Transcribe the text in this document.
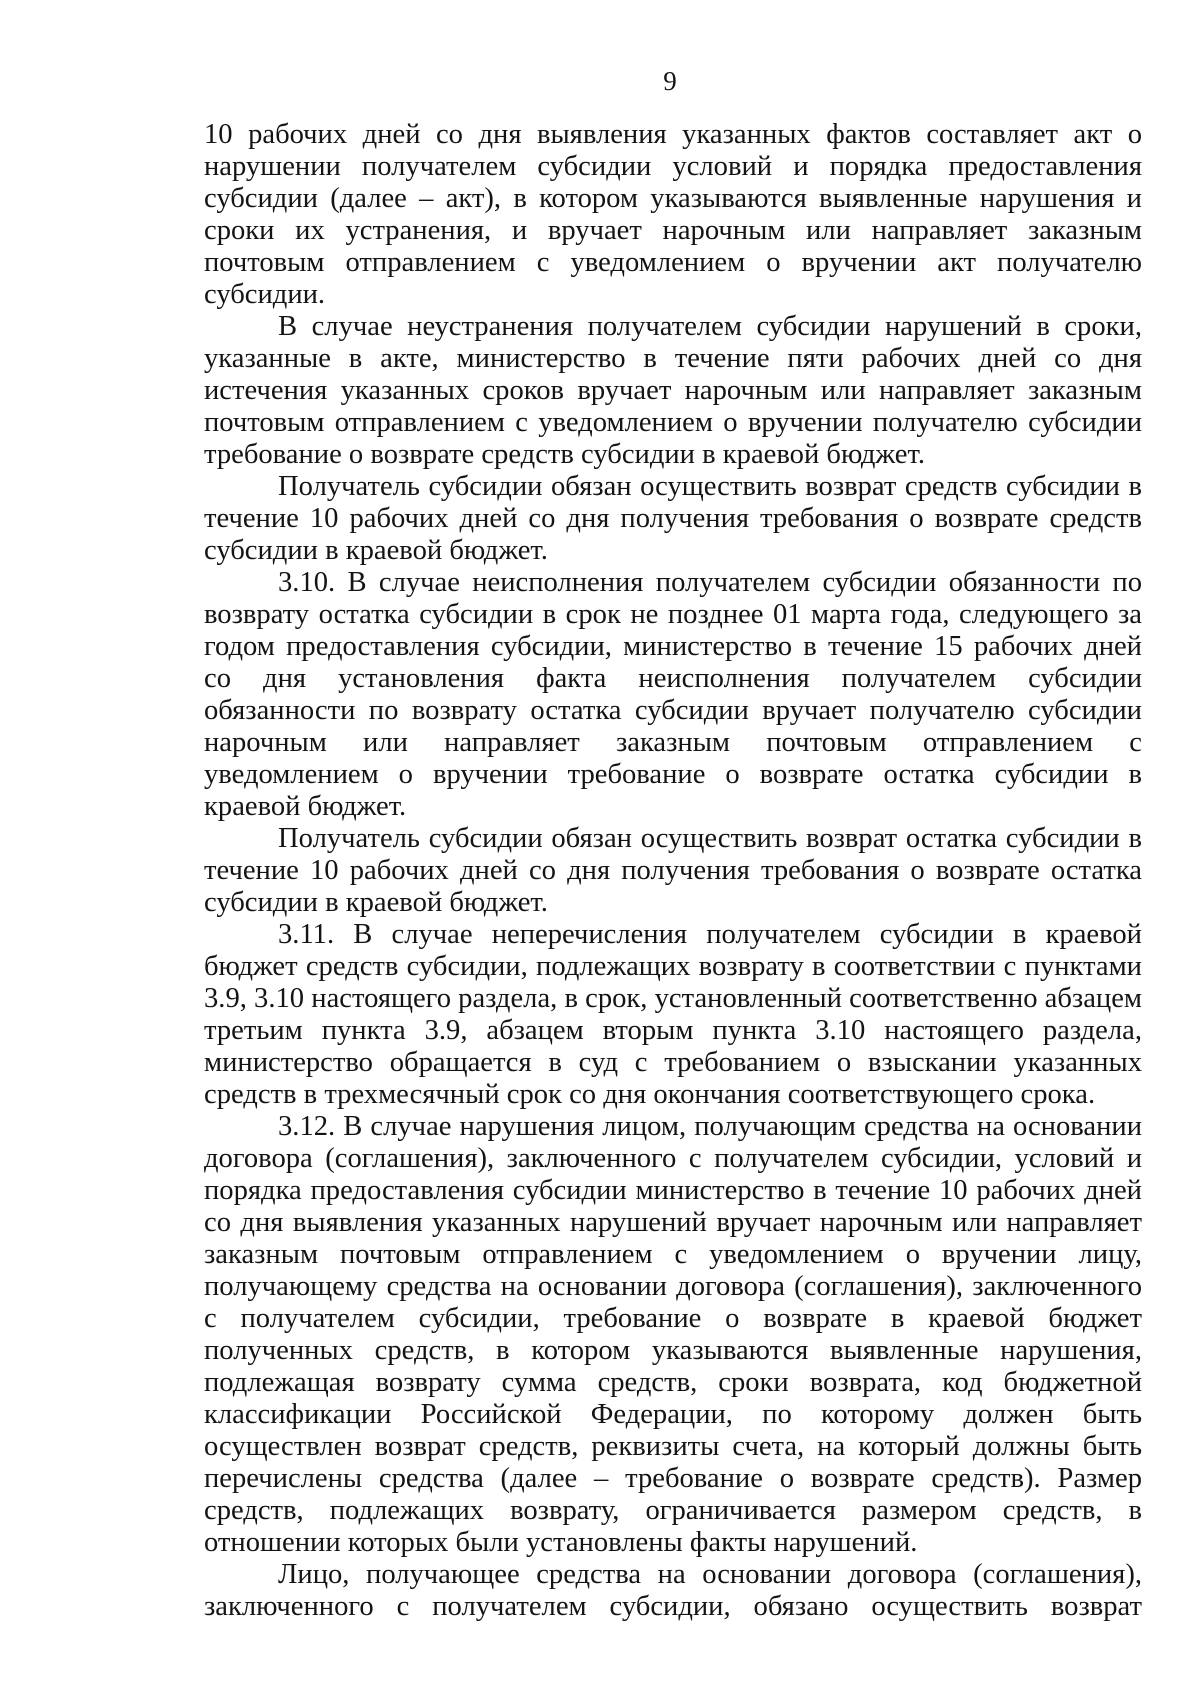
9

10 рабочих дней со дня выявления указанных фактов составляет акт о нарушении получателем субсидии условий и порядка предоставления субсидии (далее – акт), в котором указываются выявленные нарушения и сроки их устранения, и вручает нарочным или направляет заказным почтовым отправлением с уведомлением о вручении акт получателю субсидии.

В случае неустранения получателем субсидии нарушений в сроки, указанные в акте, министерство в течение пяти рабочих дней со дня истечения указанных сроков вручает нарочным или направляет заказным почтовым отправлением с уведомлением о вручении получателю субсидии требование о возврате средств субсидии в краевой бюджет.

Получатель субсидии обязан осуществить возврат средств субсидии в течение 10 рабочих дней со дня получения требования о возврате средств субсидии в краевой бюджет.

3.10. В случае неисполнения получателем субсидии обязанности по возврату остатка субсидии в срок не позднее 01 марта года, следующего за годом предоставления субсидии, министерство в течение 15 рабочих дней со дня установления факта неисполнения получателем субсидии обязанности по возврату остатка субсидии вручает получателю субсидии нарочным или направляет заказным почтовым отправлением с уведомлением о вручении требование о возврате остатка субсидии в краевой бюджет.

Получатель субсидии обязан осуществить возврат остатка субсидии в течение 10 рабочих дней со дня получения требования о возврате остатка субсидии в краевой бюджет.

3.11. В случае неперечисления получателем субсидии в краевой бюджет средств субсидии, подлежащих возврату в соответствии с пунктами 3.9, 3.10 настоящего раздела, в срок, установленный соответственно абзацем третьим пункта 3.9, абзацем вторым пункта 3.10 настоящего раздела, министерство обращается в суд с требованием о взыскании указанных средств в трехмесячный срок со дня окончания соответствующего срока.

3.12. В случае нарушения лицом, получающим средства на основании договора (соглашения), заключенного с получателем субсидии, условий и порядка предоставления субсидии министерство в течение 10 рабочих дней со дня выявления указанных нарушений вручает нарочным или направляет заказным почтовым отправлением с уведомлением о вручении лицу, получающему средства на основании договора (соглашения), заключенного с получателем субсидии, требование о возврате в краевой бюджет полученных средств, в котором указываются выявленные нарушения, подлежащая возврату сумма средств, сроки возврата, код бюджетной классификации Российской Федерации, по которому должен быть осуществлен возврат средств, реквизиты счета, на который должны быть перечислены средства (далее – требование о возврате средств). Размер средств, подлежащих возврату, ограничивается размером средств, в отношении которых были установлены факты нарушений.

Лицо, получающее средства на основании договора (соглашения), заключенного с получателем субсидии, обязано осуществить возврат
